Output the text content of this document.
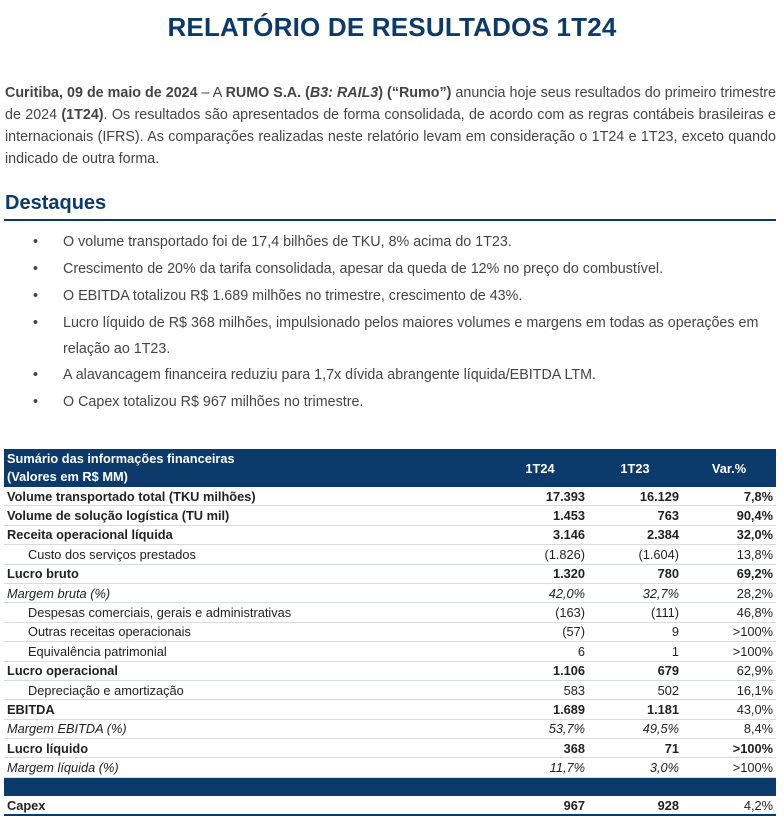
RELATÓRIO DE RESULTADOS 1T24
Curitiba, 09 de maio de 2024 – A RUMO S.A. (B3: RAIL3) (“Rumo”) anuncia hoje seus resultados do primeiro trimestre de 2024 (1T24). Os resultados são apresentados de forma consolidada, de acordo com as regras contábeis brasileiras e internacionais (IFRS). As comparações realizadas neste relatório levam em consideração o 1T24 e 1T23, exceto quando indicado de outra forma.
Destaques
• O volume transportado foi de 17,4 bilhões de TKU, 8% acima do 1T23.
• Crescimento de 20% da tarifa consolidada, apesar da queda de 12% no preço do combustível.
• O EBITDA totalizou R$ 1.689 milhões no trimestre, crescimento de 43%.
• Lucro líquido de R$ 368 milhões, impulsionado pelos maiores volumes e margens em todas as operações em relação ao 1T23.
• A alavancagem financeira reduziu para 1,7x dívida abrangente líquida/EBITDA LTM.
• O Capex totalizou R$ 967 milhões no trimestre.
Sumário das informações financeiras
(Valores em R$ MM)	1T24	1T23	Var.%
Volume transportado total (TKU milhões)	17.393	16.129	7,8%
Volume de solução logística (TU mil)	1.453	763	90,4%
Receita operacional líquida	3.146	2.384	32,0%
Custo dos serviços prestados	(1.826)	(1.604)	13,8%
Lucro bruto	1.320	780	69,2%
Margem bruta (%)	42,0%	32,7%	28,2%
Despesas comerciais, gerais e administrativas	(163)	(111)	46,8%
Outras receitas operacionais	(57)	9	>100%
Equivalência patrimonial	6	1	>100%
Lucro operacional	1.106	679	62,9%
Depreciação e amortização	583	502	16,1%
EBITDA	1.689	1.181	43,0%
Margem EBITDA (%)	53,7%	49,5%	8,4%
Lucro líquido	368	71	>100%
Margem líquida (%)	11,7%	3,0%	>100%

Capex	967	928	4,2%
